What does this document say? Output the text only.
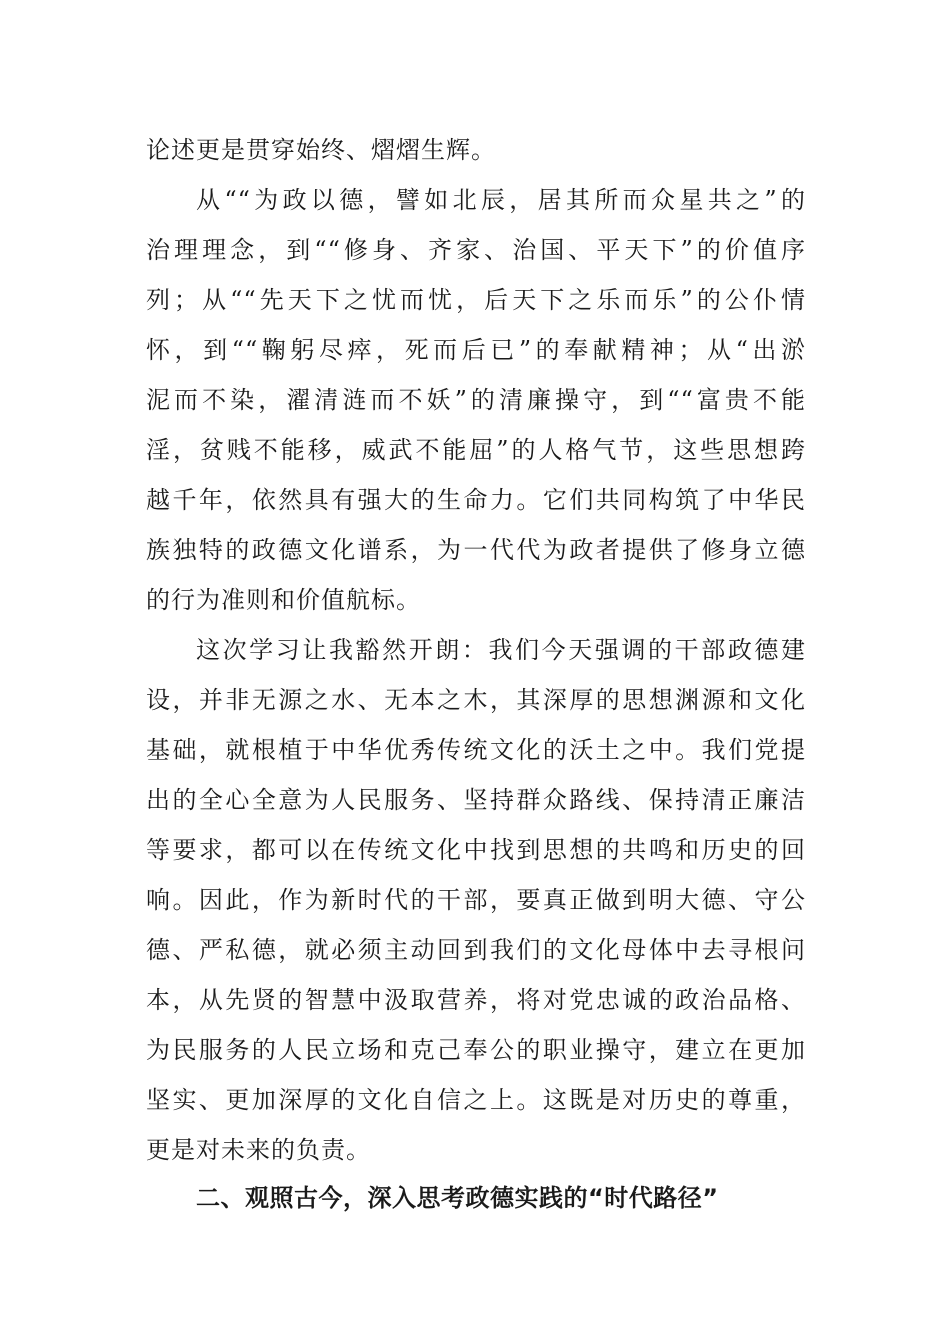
论述更是贯穿始终、熠熠生辉。
从““为政以德，譬如北辰，居其所而众星共之”的
治理理念，到““修身、齐家、治国、平天下”的价值序
列；从““先天下之忧而忧，后天下之乐而乐”的公仆情
怀，到““鞠躬尽瘁，死而后已”的奉献精神；从“出淤
泥而不染，濯清涟而不妖”的清廉操守，到““富贵不能
淫，贫贱不能移，威武不能屈”的人格气节，这些思想跨
越千年，依然具有强大的生命力。它们共同构筑了中华民
族独特的政德文化谱系，为一代代为政者提供了修身立德
的行为准则和价值航标。
这次学习让我豁然开朗：我们今天强调的干部政德建
设，并非无源之水、无本之木，其深厚的思想渊源和文化
基础，就根植于中华优秀传统文化的沃土之中。我们党提
出的全心全意为人民服务、坚持群众路线、保持清正廉洁
等要求，都可以在传统文化中找到思想的共鸣和历史的回
响。因此，作为新时代的干部，要真正做到明大德、守公
德、严私德，就必须主动回到我们的文化母体中去寻根问
本，从先贤的智慧中汲取营养，将对党忠诚的政治品格、
为民服务的人民立场和克己奉公的职业操守，建立在更加
坚实、更加深厚的文化自信之上。这既是对历史的尊重，
更是对未来的负责。
二、观照古今，深入思考政德实践的“时代路径”
